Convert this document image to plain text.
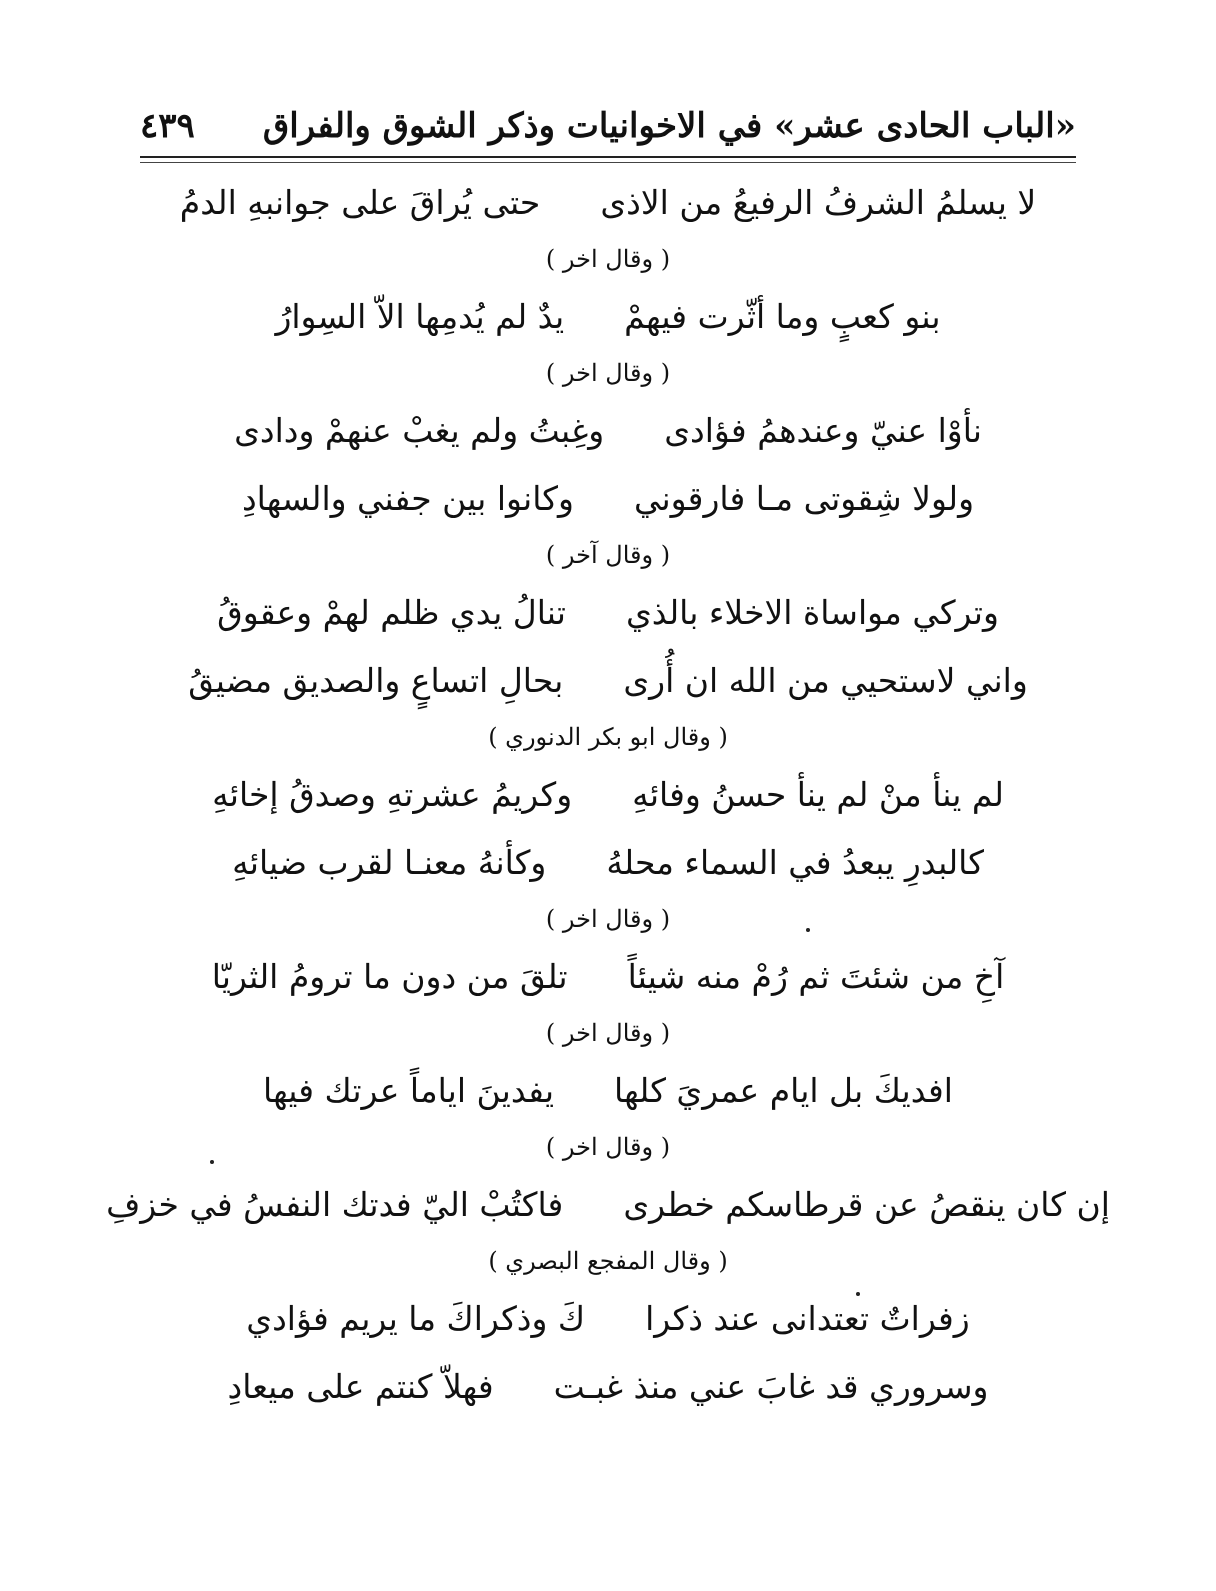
«الباب الحادى عشر» في الاخوانيات وذكر الشوق والفراق
٤٣٩
لا يسلمُ الشرفُ الرفيعُ من الاذى
حتى يُراقَ على جوانبهِ الدمُ
( وقال اخر )
بنو كعبٍ وما أثّرت فيهمْ
يدٌ لم يُدمِها الاّ السِوارُ
( وقال اخر )
نأوْا عنيّ وعندهمُ فؤادى
وغِبتُ ولم يغبْ عنهمْ ودادى
ولولا شِقوتى مـا فارقوني
وكانوا بين جفني والسهادِ
( وقال آخر )
وتركي مواساة الاخلاء بالذي
تنالُ يدي ظلم لهمْ وعقوقُ
واني لاستحيي من الله ان أُرى
بحالِ اتساعٍ والصديق مضيقُ
( وقال ابو بكر الدنوري )
لم ينأ منْ لم ينأ حسنُ وفائهِ
وكريمُ عشرتهِ وصدقُ إخائهِ
كالبدرِ يبعدُ في السماء محلهُ
وكأنهُ معنـا لقرب ضيائهِ
( وقال اخر )
آخِ من شئتَ ثم رُمْ منه شيئاً
تلقَ من دون ما ترومُ الثريّا
( وقال اخر )
افديكَ بل ايام عمريَ كلها
يفدينَ اياماً عرتك فيها
( وقال اخر )
إن كان ينقصُ عن قرطاسكم خطرى
فاكتُبْ اليّ فدتك النفسُ في خزفِ
( وقال المفجع البصري )
زفراتٌ تعتدانى عند ذكرا
كَ وذكراكَ ما يريم فؤادي
وسروري قد غابَ عني منذ غبـت
فهلاّ كنتم على ميعادِ
